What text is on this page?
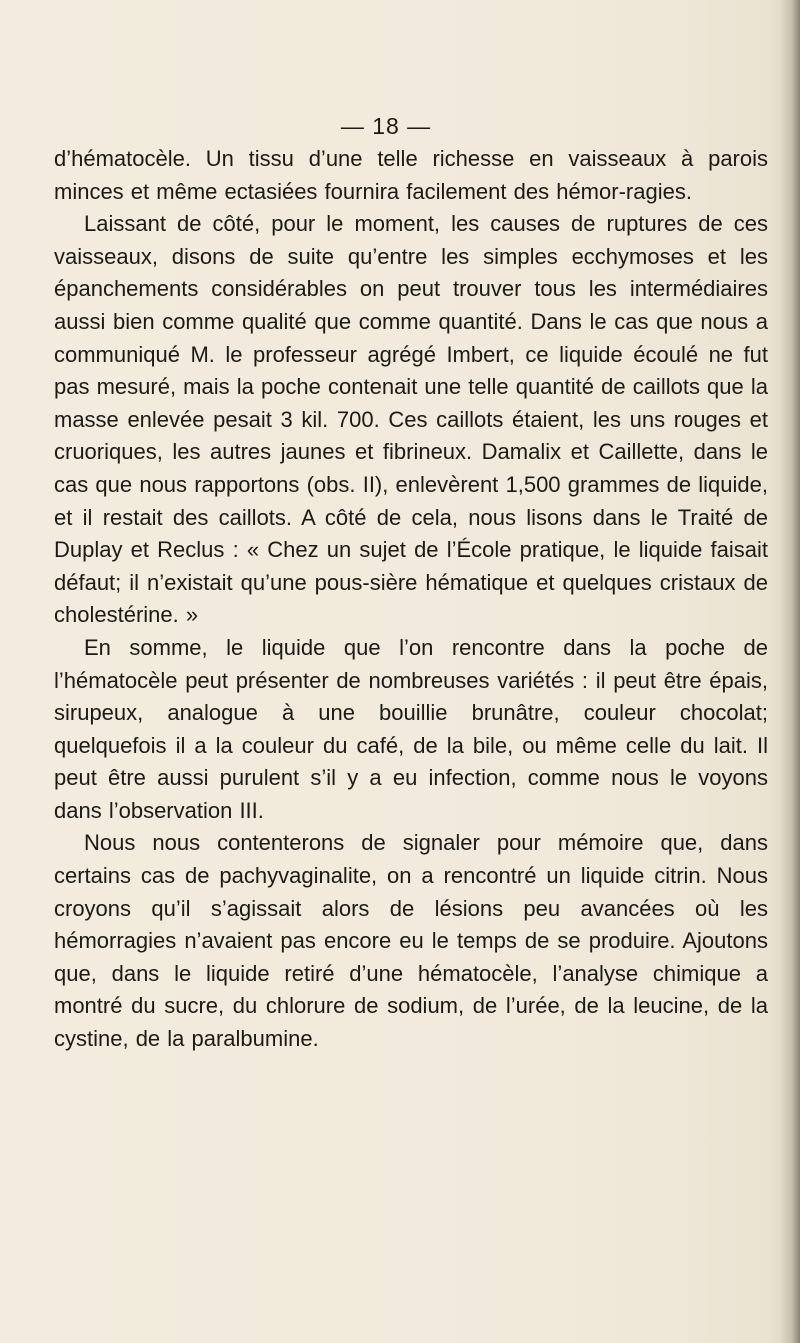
— 18 —

d’hématocèle. Un tissu d’une telle richesse en vaisseaux à parois minces et même ectasiées fournira facilement des hémor-ragies.

Laissant de côté, pour le moment, les causes de ruptures de ces vaisseaux, disons de suite qu’entre les simples ecchymoses et les épanchements considérables on peut trouver tous les intermédiaires aussi bien comme qualité que comme quantité. Dans le cas que nous a communiqué M. le professeur agrégé Imbert, ce liquide écoulé ne fut pas mesuré, mais la poche contenait une telle quantité de caillots que la masse enlevée pesait 3 kil. 700. Ces caillots étaient, les uns rouges et cruoriques, les autres jaunes et fibrineux. Damalix et Caillette, dans le cas que nous rapportons (obs. II), enlevèrent 1,500 grammes de liquide, et il restait des caillots. A côté de cela, nous lisons dans le Traité de Duplay et Reclus : « Chez un sujet de l’École pratique, le liquide faisait défaut; il n’existait qu’une pous-sière hématique et quelques cristaux de cholestérine. »

En somme, le liquide que l’on rencontre dans la poche de l’hématocèle peut présenter de nombreuses variétés : il peut être épais, sirupeux, analogue à une bouillie brunâtre, couleur chocolat; quelquefois il a la couleur du café, de la bile, ou même celle du lait. Il peut être aussi purulent s’il y a eu infection, comme nous le voyons dans l’observation III.

Nous nous contenterons de signaler pour mémoire que, dans certains cas de pachyvaginalite, on a rencontré un liquide citrin. Nous croyons qu’il s’agissait alors de lésions peu avancées où les hémorragies n’avaient pas encore eu le temps de se produire. Ajoutons que, dans le liquide retiré d’une hématocèle, l’analyse chimique a montré du sucre, du chlorure de sodium, de l’urée, de la leucine, de la cystine, de la paralbumine.
